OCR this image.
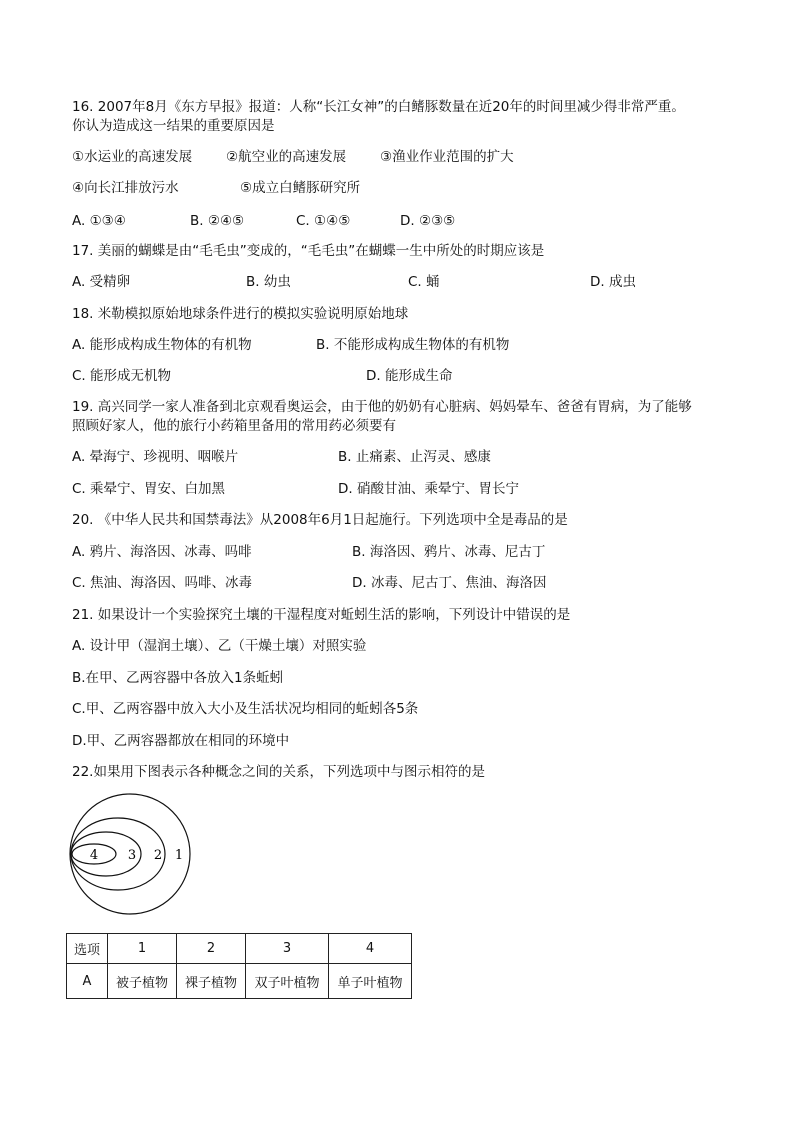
16. 2007年8月《东方早报》报道：人称“长江女神”的白鳍豚数量在近20年的时间里减少得非常严重。
你认为造成这一结果的重要原因是
①水运业的高速发展	②航空业的高速发展	③渔业作业范围的扩大
④向长江排放污水	⑤成立白鳍豚研究所
A. ①③④	B. ②④⑤	C. ①④⑤	D. ②③⑤
17. 美丽的蝴蝶是由“毛毛虫”变成的，“毛毛虫”在蝴蝶一生中所处的时期应该是
A. 受精卵	B. 幼虫	C. 蛹	D. 成虫
18. 米勒模拟原始地球条件进行的模拟实验说明原始地球
A. 能形成构成生物体的有机物	B. 不能形成构成生物体的有机物
C. 能形成无机物	D. 能形成生命
19. 高兴同学一家人准备到北京观看奥运会，由于他的奶奶有心脏病、妈妈晕车、爸爸有胃病，为了能够
照顾好家人，他的旅行小药箱里备用的常用药必须要有
A. 晕海宁、珍视明、咽喉片	B. 止痛素、止泻灵、感康
C. 乘晕宁、胃安、白加黑	D. 硝酸甘油、乘晕宁、胃长宁
20. 《中华人民共和国禁毒法》从2008年6月1日起施行。下列选项中全是毒品的是
A. 鸦片、海洛因、冰毒、吗啡	B. 海洛因、鸦片、冰毒、尼古丁
C. 焦油、海洛因、吗啡、冰毒	D. 冰毒、尼古丁、焦油、海洛因
21. 如果设计一个实验探究土壤的干湿程度对蚯蚓生活的影响，下列设计中错误的是
A. 设计甲（湿润土壤）、乙（干燥土壤）对照实验
B.在甲、乙两容器中各放入1条蚯蚓
C.甲、乙两容器中放入大小及生活状况均相同的蚯蚓各5条
D.甲、乙两容器都放在相同的环境中
22.如果用下图表示各种概念之间的关系，下列选项中与图示相符的是
4 3 2 1
选项	1	2	3	4
A	被子植物	裸子植物	双子叶植物	单子叶植物
